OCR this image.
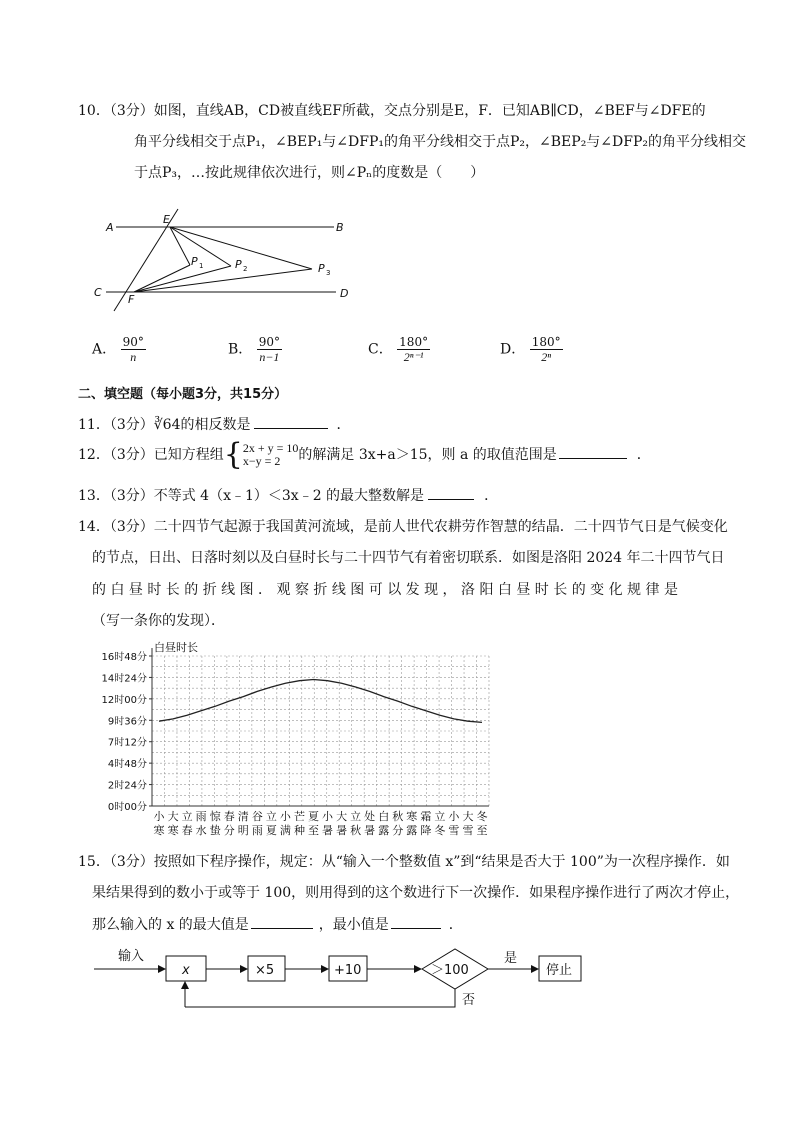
10．（3分）如图，直线AB，CD被直线EF所截，交点分别是E，F．已知AB∥CD，∠BEF与∠DFE的
角平分线相交于点P₁，∠BEP₁与∠DFP₁的角平分线相交于点P₂，∠BEP₂与∠DFP₂的角平分线相交
于点P₃，…按此规律依次进行，则∠Pₙ的度数是（　　）
A	B
C	D
E
F
P 1	P 2	P 3
A． $\frac{90^\circ}{n}$	B． $\frac{90^\circ}{n-1}$	C． $\frac{180^\circ}{\text{2ⁿ⁻¹}}$	D． $\frac{180^\circ}{\text{2ⁿ}}$
二、填空题（每小题3分，共15分）
11．（3分）∛64的相反数是	．
12．（3分）已知方程组{ 2x + y = 10
x−y = 2	的解满足 3x+a＞15，则 a 的取值范围是	．
13．（3分）不等式 4（x﹣1）＜3x﹣2 的最大整数解是	．
14．（3分）二十四节气起源于我国黄河流域，是前人世代农耕劳作智慧的结晶．二十四节气日是气候变化
的节点，日出、日落时刻以及白昼时长与二十四节气有着密切联系．如图是洛阳 2024 年二十四节气日
的 白 昼 时 长 的 折 线 图 ． 观 察 折 线 图 可 以 发 现 ， 洛 阳 白 昼 时 长 的 变 化 规 律 是
（写一条你的发现）．
白昼时长
0时00分
2时24分
4时48分
7时12分
9时36分
12时00分
14时24分
16时48分
小
寒
大
寒
立
春
雨
水
惊
蛰
春
分
清
明
谷
雨
立
夏
小
满
芒
种
夏
至
小
暑
大
暑
立
秋
处
暑
白
露
秋
分
寒
露
霜
降
立
冬
小
雪
大
雪
冬
至
15．（3分）按照如下程序操作，规定：从“输入一个整数值 x”到“结果是否大于 100”为一次程序操作．如
果结果得到的数小于或等于 100，则用得到的这个数进行下一次操作．如果程序操作进行了两次才停止，
那么输入的 x 的最大值是	，最小值是	．
输入
x	×5	+10	＞100
是
否
停止
